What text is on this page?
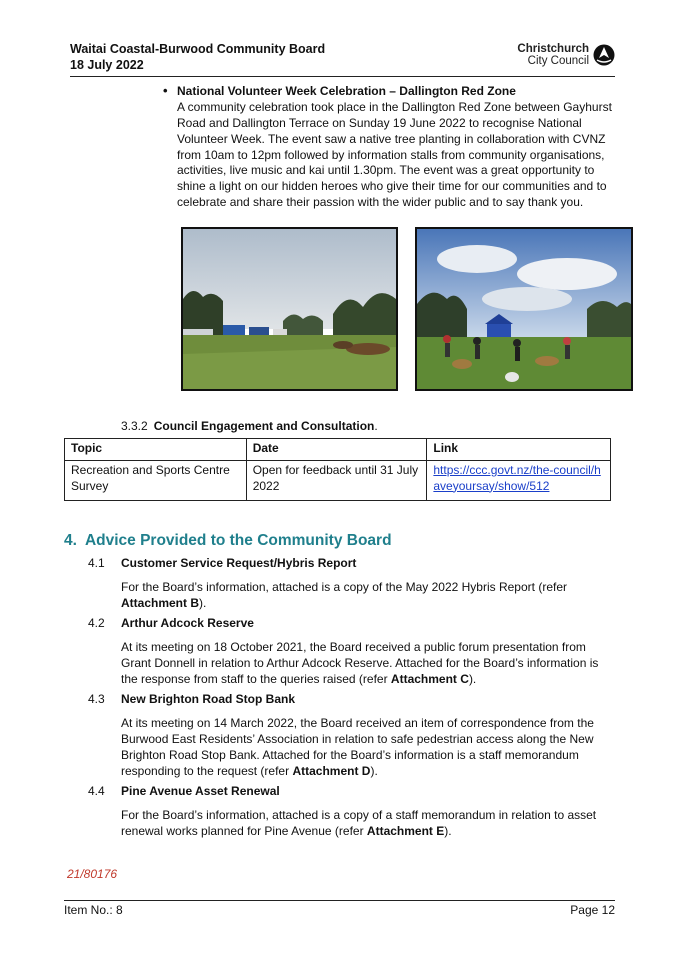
Waitai Coastal-Burwood Community Board
18 July 2022
Christchurch
City Council
• National Volunteer Week Celebration – Dallington Red Zone
A community celebration took place in the Dallington Red Zone between Gayhurst Road and Dallington Terrace on Sunday 19 June 2022 to recognise National Volunteer Week. The event saw a native tree planting in collaboration with CVNZ from 10am to 12pm followed by information stalls from community organisations, activities, live music and kai until 1.30pm. The event was a great opportunity to shine a light on our hidden heroes who give their time for our communities and to celebrate and share their passion with the wider public and to say thank you.
3.3.2 Council Engagement and Consultation.
Topic	Date	Link
Recreation and Sports Centre Survey	Open for feedback until 31 July 2022	https://ccc.govt.nz/the-council/haveyoursay/show/512
4. Advice Provided to the Community Board
4.1	Customer Service Request/Hybris Report
For the Board’s information, attached is a copy of the May 2022 Hybris Report (refer Attachment B).
4.2	Arthur Adcock Reserve
At its meeting on 18 October 2021, the Board received a public forum presentation from Grant Donnell in relation to Arthur Adcock Reserve. Attached for the Board’s information is the response from staff to the queries raised (refer Attachment C).
4.3	New Brighton Road Stop Bank
At its meeting on 14 March 2022, the Board received an item of correspondence from the Burwood East Residents’ Association in relation to safe pedestrian access along the New Brighton Road Stop Bank. Attached for the Board’s information is a staff memorandum responding to the request (refer Attachment D).
4.4	Pine Avenue Asset Renewal
For the Board’s information, attached is a copy of a staff memorandum in relation to asset renewal works planned for Pine Avenue (refer Attachment E).
21/80176
Item No.: 8	Page 12
